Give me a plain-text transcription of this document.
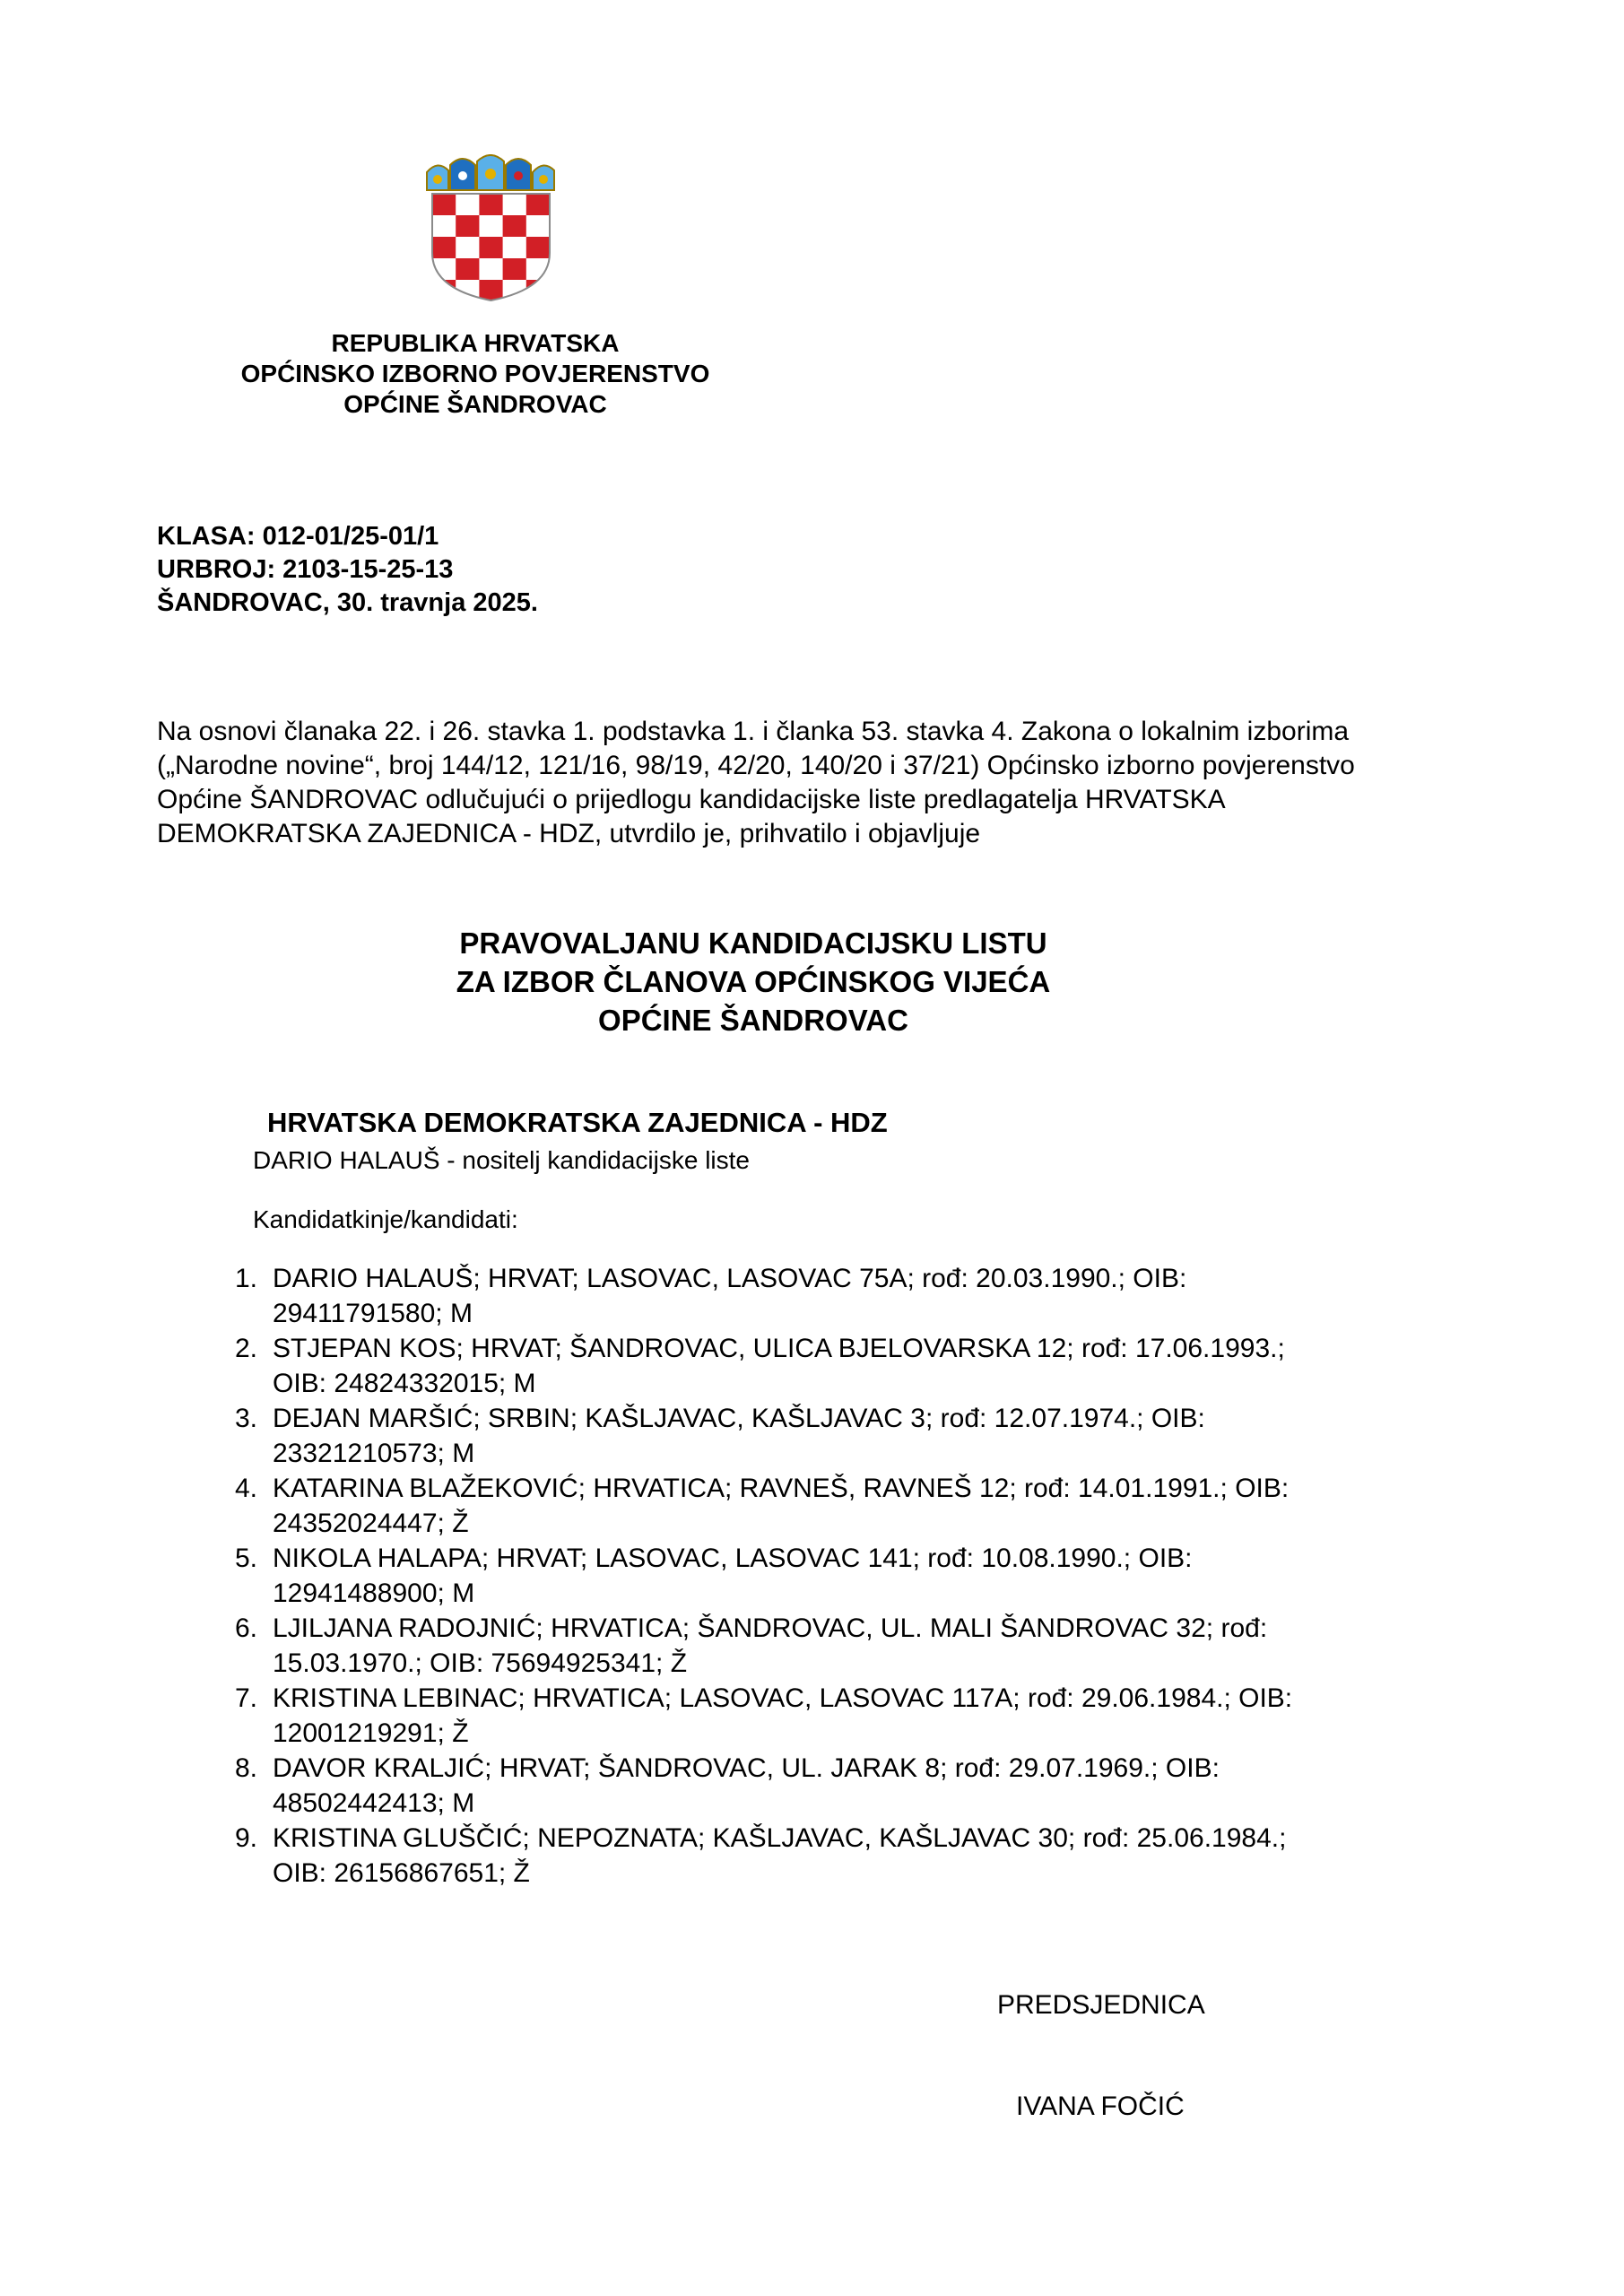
REPUBLIKA HRVATSKA
OPĆINSKO IZBORNO POVJERENSTVO
OPĆINE ŠANDROVAC
KLASA: 012-01/25-01/1
URBROJ: 2103-15-25-13
ŠANDROVAC, 30. travnja 2025.

Na osnovi članaka 22. i 26. stavka 1. podstavka 1. i članka 53. stavka 4. Zakona o lokalnim izborima

(„Narodne novine“, broj 144/12, 121/16, 98/19, 42/20, 140/20 i 37/21) Općinsko izborno povjerenstvo

Općine ŠANDROVAC odlučujući o prijedlogu kandidacijske liste predlagatelja HRVATSKA

DEMOKRATSKA ZAJEDNICA - HDZ, utvrdilo je, prihvatilo i objavljuje

PRAVOVALJANU KANDIDACIJSKU LISTU
ZA IZBOR ČLANOVA OPĆINSKOG VIJEĆA
OPĆINE ŠANDROVAC
HRVATSKA DEMOKRATSKA ZAJEDNICA - HDZ
DARIO HALAUŠ - nositelj kandidacijske liste
Kandidatkinje/kandidati:
1. DARIO HALAUŠ; HRVAT; LASOVAC, LASOVAC 75A; rođ: 20.03.1990.; OIB:
29411791580; M
2. STJEPAN KOS; HRVAT; ŠANDROVAC, ULICA BJELOVARSKA 12; rođ: 17.06.1993.;
OIB: 24824332015; M
3. DEJAN MARŠIĆ; SRBIN; KAŠLJAVAC, KAŠLJAVAC 3; rođ: 12.07.1974.; OIB:
23321210573; M
4. KATARINA BLAŽEKOVIĆ; HRVATICA; RAVNEŠ, RAVNEŠ 12; rođ: 14.01.1991.; OIB:
24352024447; Ž
5. NIKOLA HALAPA; HRVAT; LASOVAC, LASOVAC 141; rođ: 10.08.1990.; OIB:
12941488900; M
6. LJILJANA RADOJNIĆ; HRVATICA; ŠANDROVAC, UL. MALI ŠANDROVAC 32; rođ:
15.03.1970.; OIB: 75694925341; Ž
7. KRISTINA LEBINAC; HRVATICA; LASOVAC, LASOVAC 117A; rođ: 29.06.1984.; OIB:
12001219291; Ž
8. DAVOR KRALJIĆ; HRVAT; ŠANDROVAC, UL. JARAK 8; rođ: 29.07.1969.; OIB:
48502442413; M
9. KRISTINA GLUŠČIĆ; NEPOZNATA; KAŠLJAVAC, KAŠLJAVAC 30; rođ: 25.06.1984.;
OIB: 26156867651; Ž
PREDSJEDNICA
IVANA FOČIĆ
